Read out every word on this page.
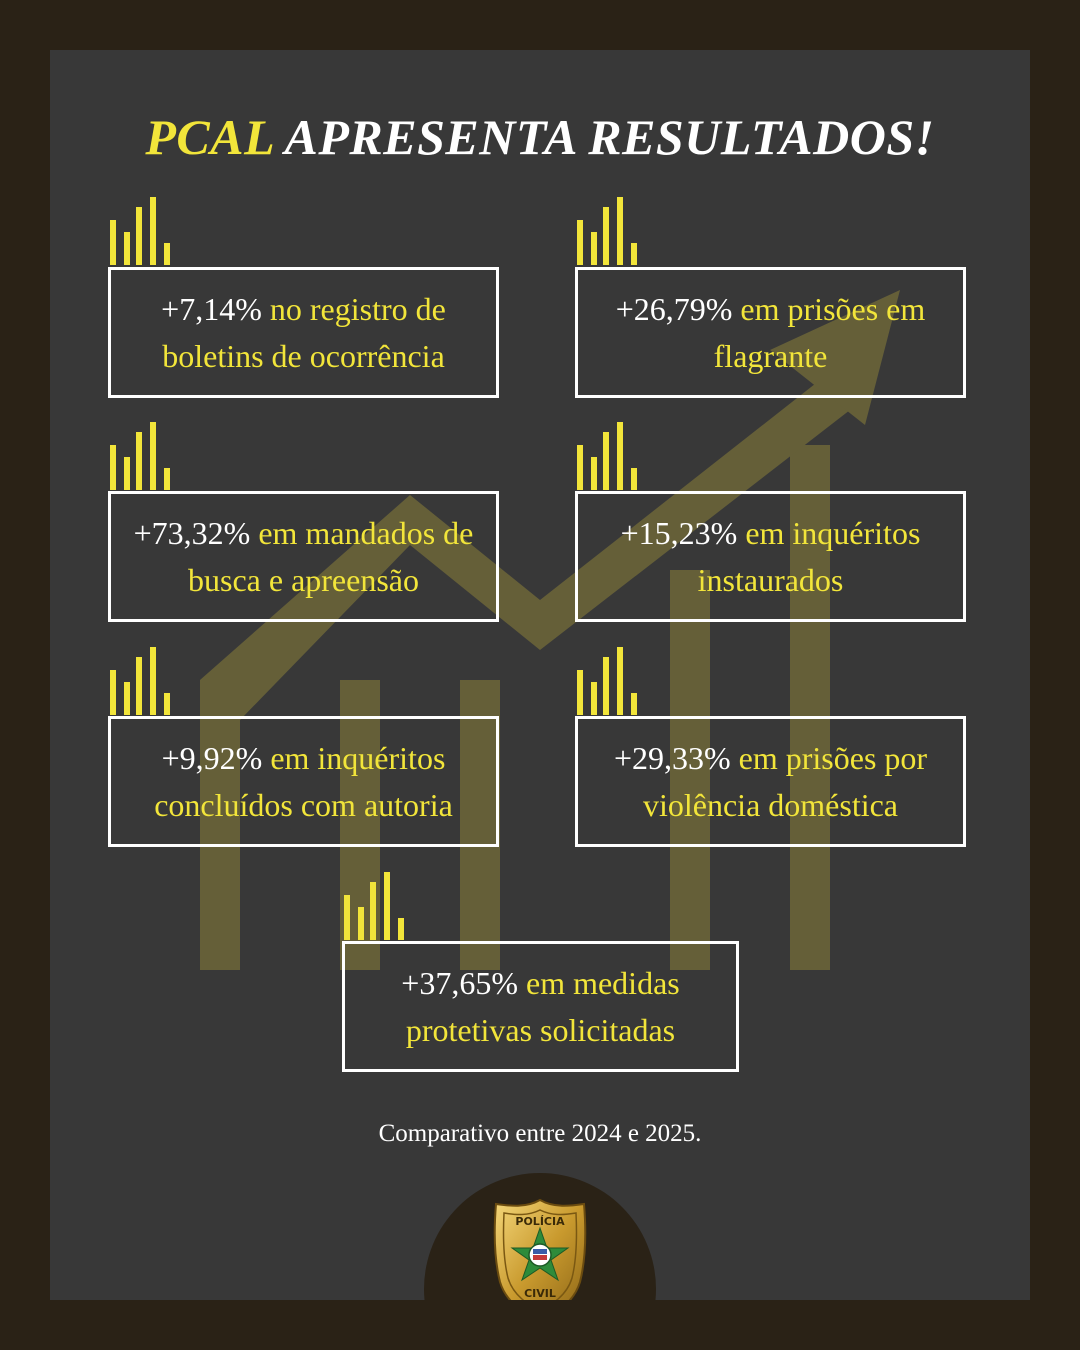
PCAL APRESENTA RESULTADOS!
+7,14% no registro de boletins de ocorrência
+26,79% em prisões em flagrante
+73,32% em mandados de busca e apreensão
+15,23% em inquéritos instaurados
+9,92% em inquéritos concluídos com autoria
+29,33% em prisões por violência doméstica
+37,65% em medidas protetivas solicitadas
Comparativo entre 2024 e 2025.
POLÍCIA
CIVIL
AL
